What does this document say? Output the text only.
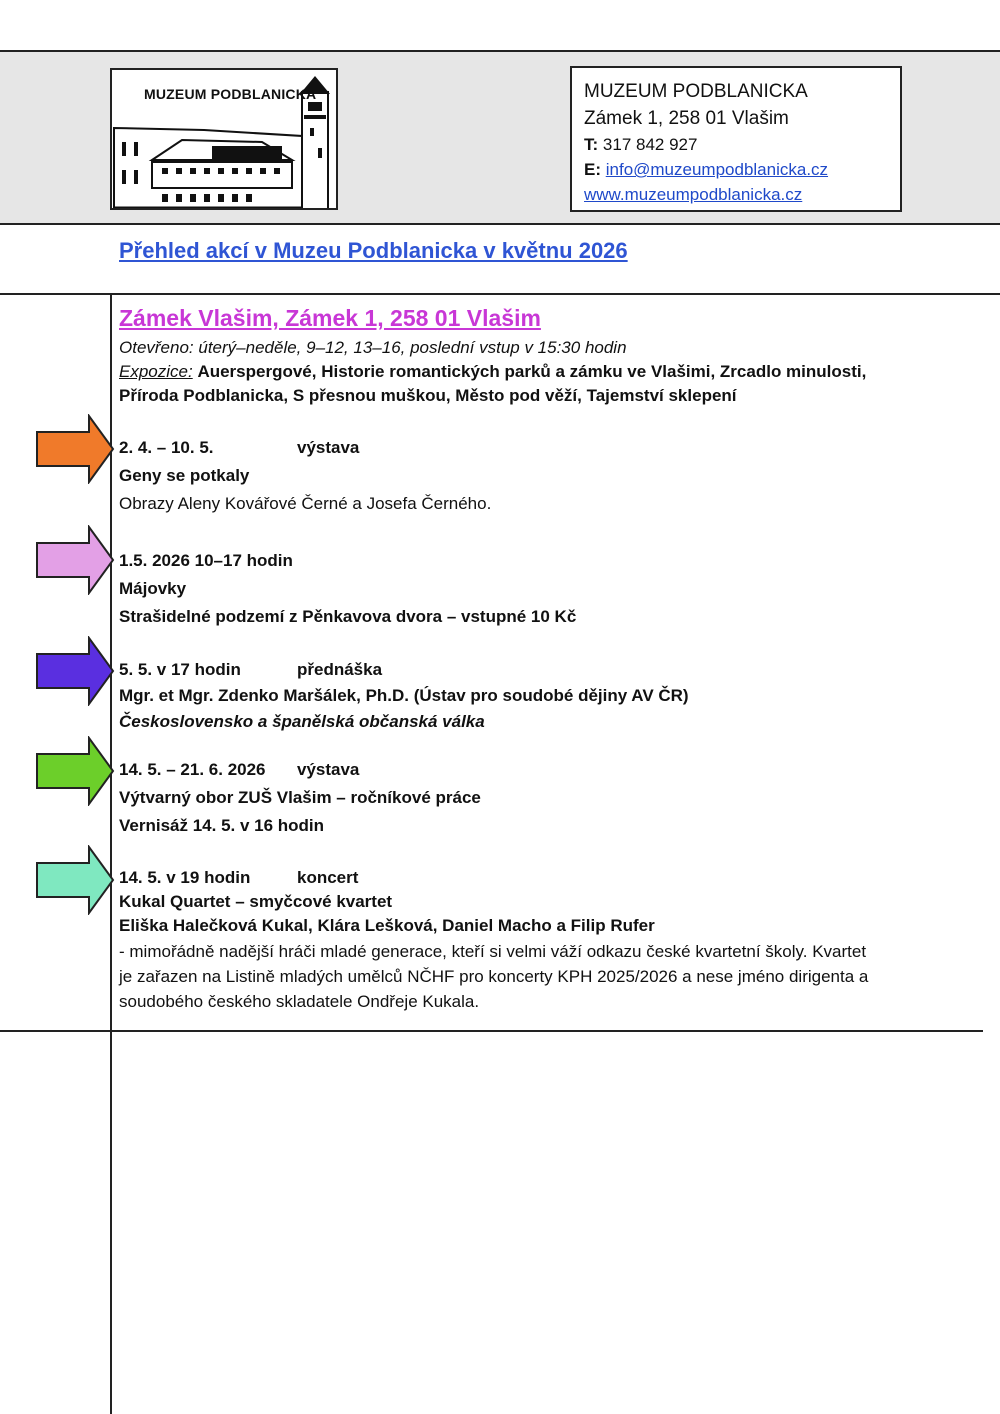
MUZEUM PODBLANICKA	MUZEUM PODBLANICKA
Zámek 1, 258 01 Vlašim
T: 317 842 927
E: info@muzeumpodblanicka.cz
www.muzeumpodblanicka.cz
Přehled akcí v Muzeu Podblanicka v květnu 2026
Zámek Vlašim, Zámek 1, 258 01 Vlašim
Otevřeno: úterý–neděle, 9–12, 13–16, poslední vstup v 15:30 hodin
Expozice: Auerspergové, Historie romantických parků a zámku ve Vlašimi, Zrcadlo minulosti,
Příroda Podblanicka, S přesnou muškou, Město pod věží, Tajemství sklepení
2. 4. – 10. 5.	výstava
Geny se potkaly
Obrazy Aleny Kovářové Černé a Josefa Černého.
1.5. 2026 10–17 hodin
Májovky
Strašidelné podzemí z Pěnkavova dvora – vstupné 10 Kč
5. 5. v 17 hodin	přednáška
Mgr. et Mgr. Zdenko Maršálek, Ph.D. (Ústav pro soudobé dějiny AV ČR)
Československo a španělská občanská válka
14. 5. – 21. 6. 2026 výstava
Výtvarný obor ZUŠ Vlašim – ročníkové práce
Vernisáž 14. 5. v 16 hodin
14. 5. v 19 hodin	koncert
Kukal Quartet – smyčcové kvartet
Eliška Halečková Kukal, Klára Lešková, Daniel Macho a Filip Rufer
- mimořádně nadější hráči mladé generace, kteří si velmi váží odkazu české kvartetní školy. Kvartet
je zařazen na Listině mladých umělců NČHF pro koncerty KPH 2025/2026 a nese jméno dirigenta a
soudobého českého skladatele Ondřeje Kukala.
